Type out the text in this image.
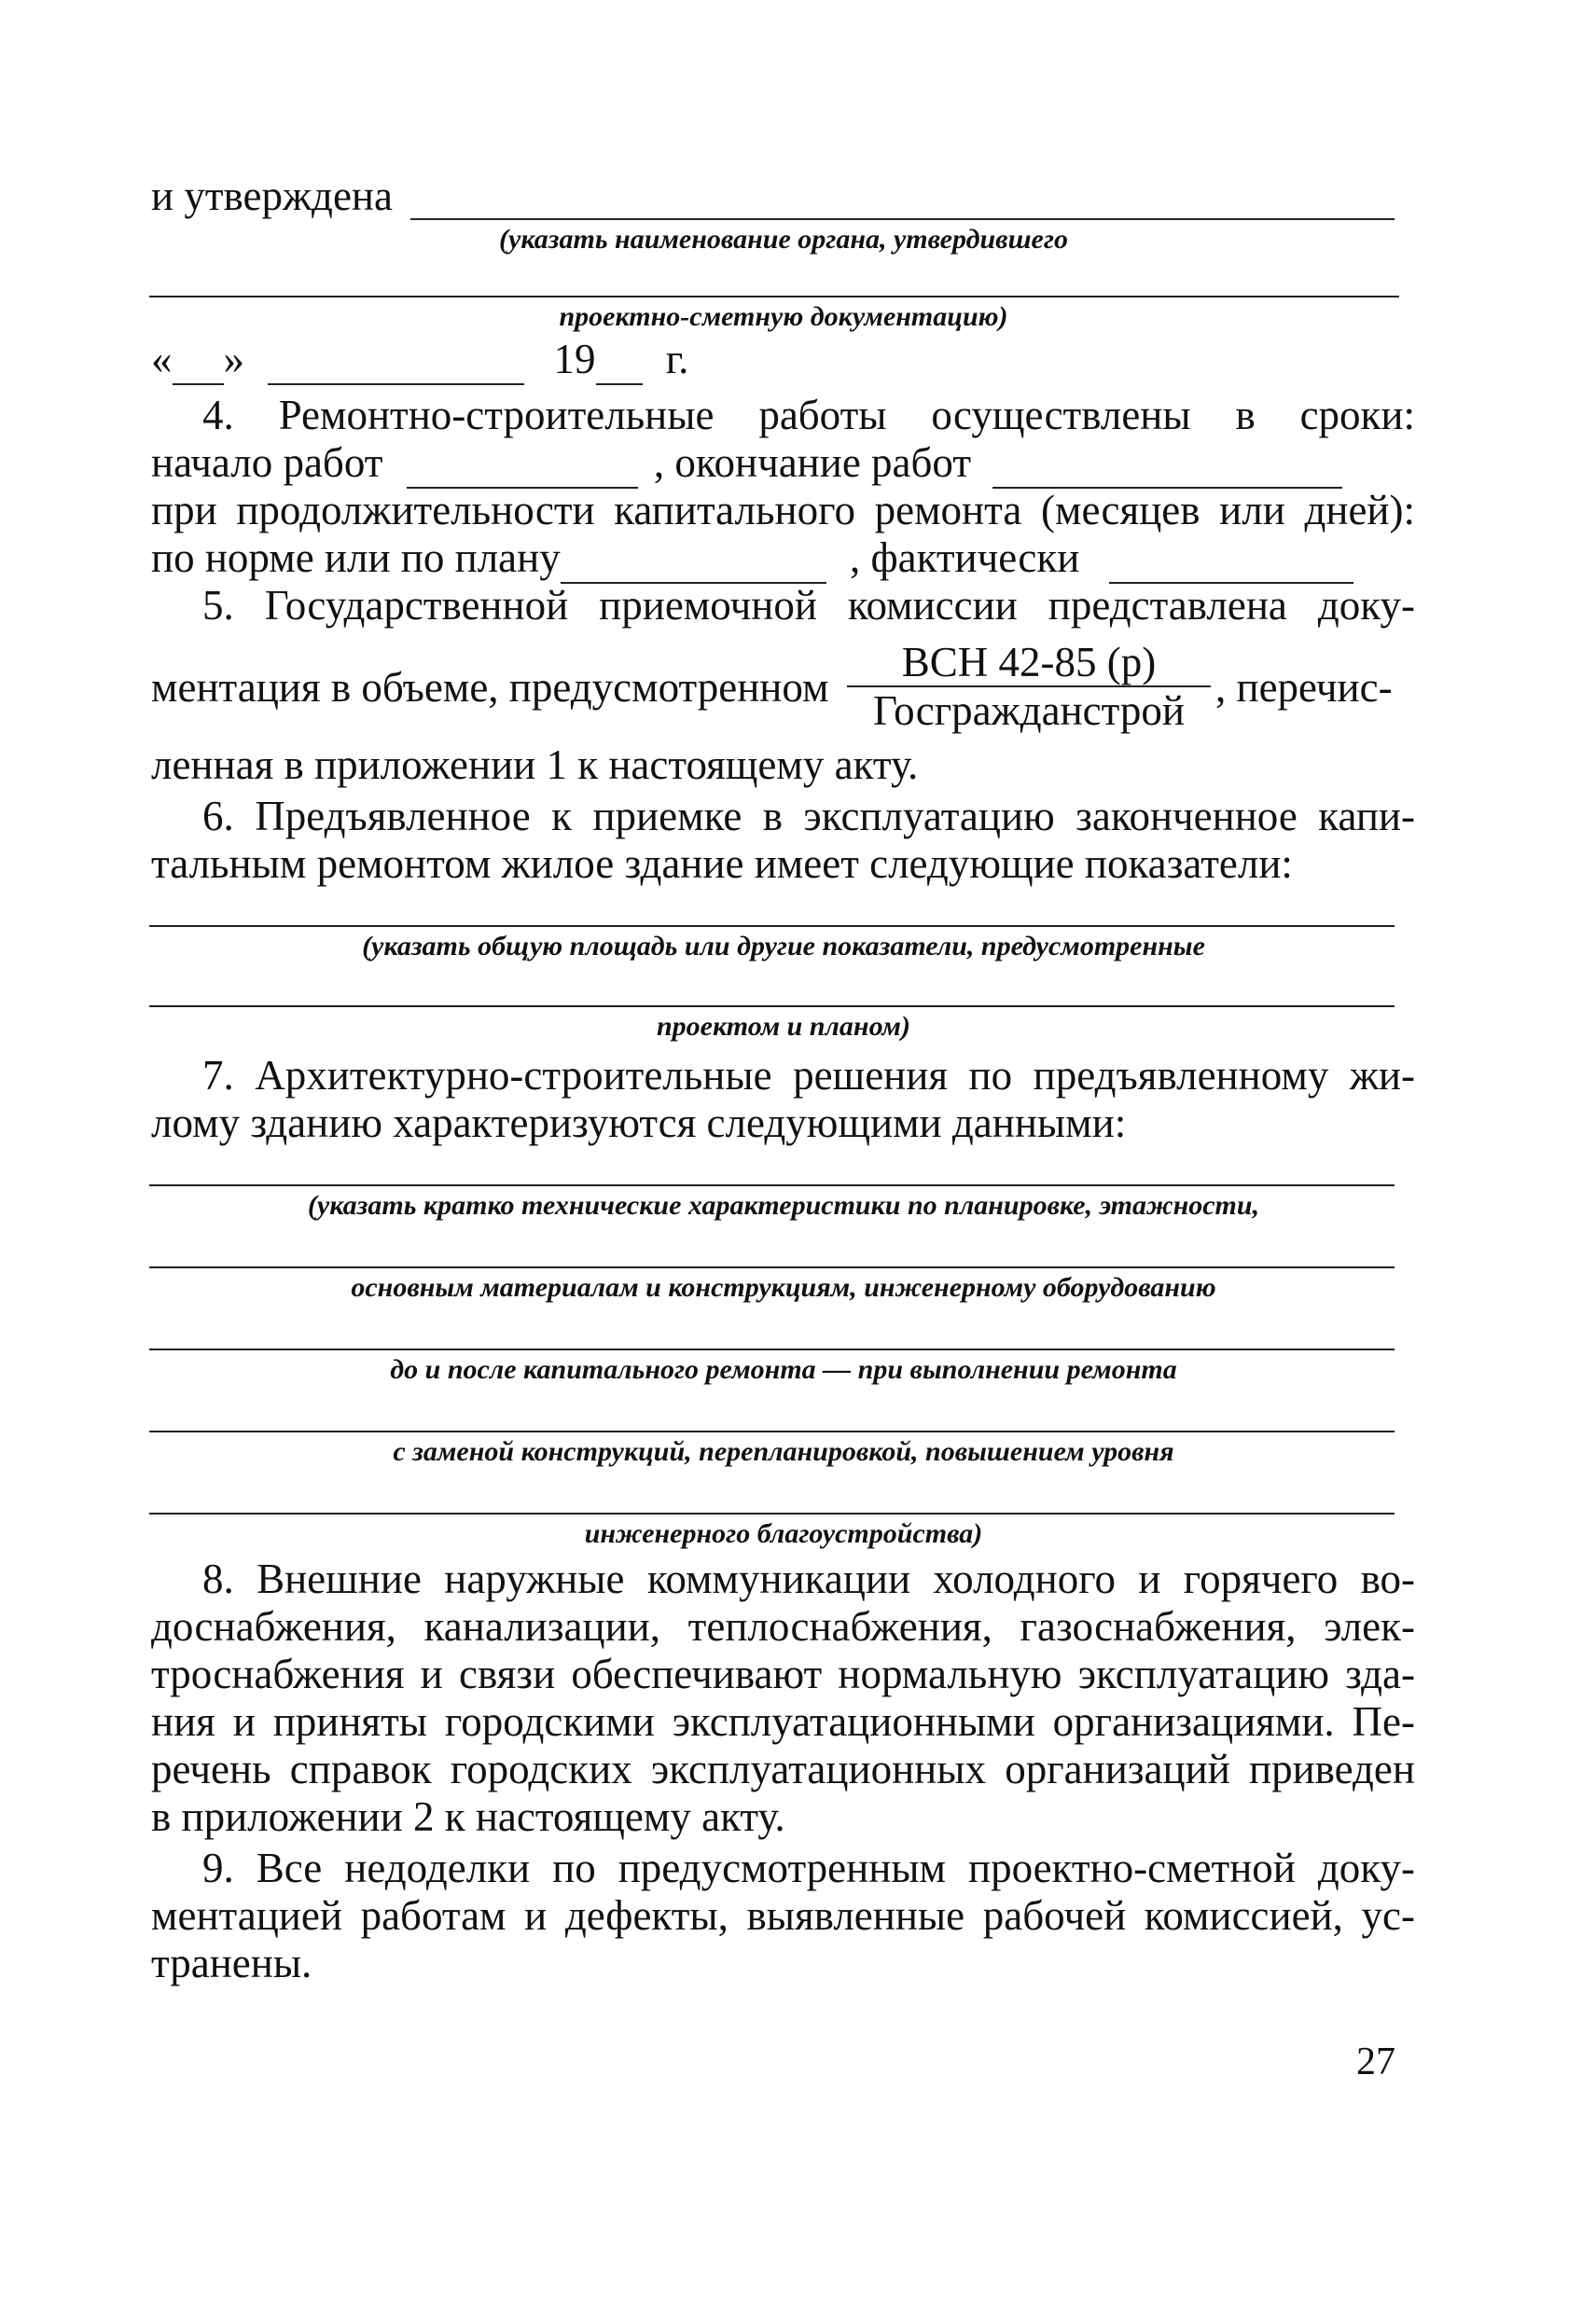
и утверждена
(указать наименование органа, утвердившего
проектно-сметную документацию)
« »	19 г.
4. Ремонтно-строительные работы осуществлены в сроки:
начало работ	, окончание работ
при продолжительности капитального ремонта (месяцев или дней):
по норме или по плану	, фактически
5. Государственной приемочной комиссии представлена доку-
ментация в объеме, предусмотренном
ВСН 42-85 (р)
Госгражданстрой , перечис-
ленная в приложении 1 к настоящему акту.
6. Предъявленное к приемке в эксплуатацию законченное капи-
тальным ремонтом жилое здание имеет следующие показатели:
(указать общую площадь или другие показатели, предусмотренные
проектом и планом)
7. Архитектурно-строительные решения по предъявленному жи-
лому зданию характеризуются следующими данными:
(указать кратко технические характеристики по планировке, этажности,
основным материалам и конструкциям, инженерному оборудованию
до и после капитального ремонта — при выполнении ремонта
с заменой конструкций, перепланировкой, повышением уровня
инженерного благоустройства)
8. Внешние наружные коммуникации холодного и горячего во-
доснабжения, канализации, теплоснабжения, газоснабжения, элек-
троснабжения и связи обеспечивают нормальную эксплуатацию зда-
ния и приняты городскими эксплуатационными организациями. Пе-
речень справок городских эксплуатационных организаций приведен
в приложении 2 к настоящему акту.
9. Все недоделки по предусмотренным проектно-сметной доку-
ментацией работам и дефекты, выявленные рабочей комиссией, ус-
транены.
27
